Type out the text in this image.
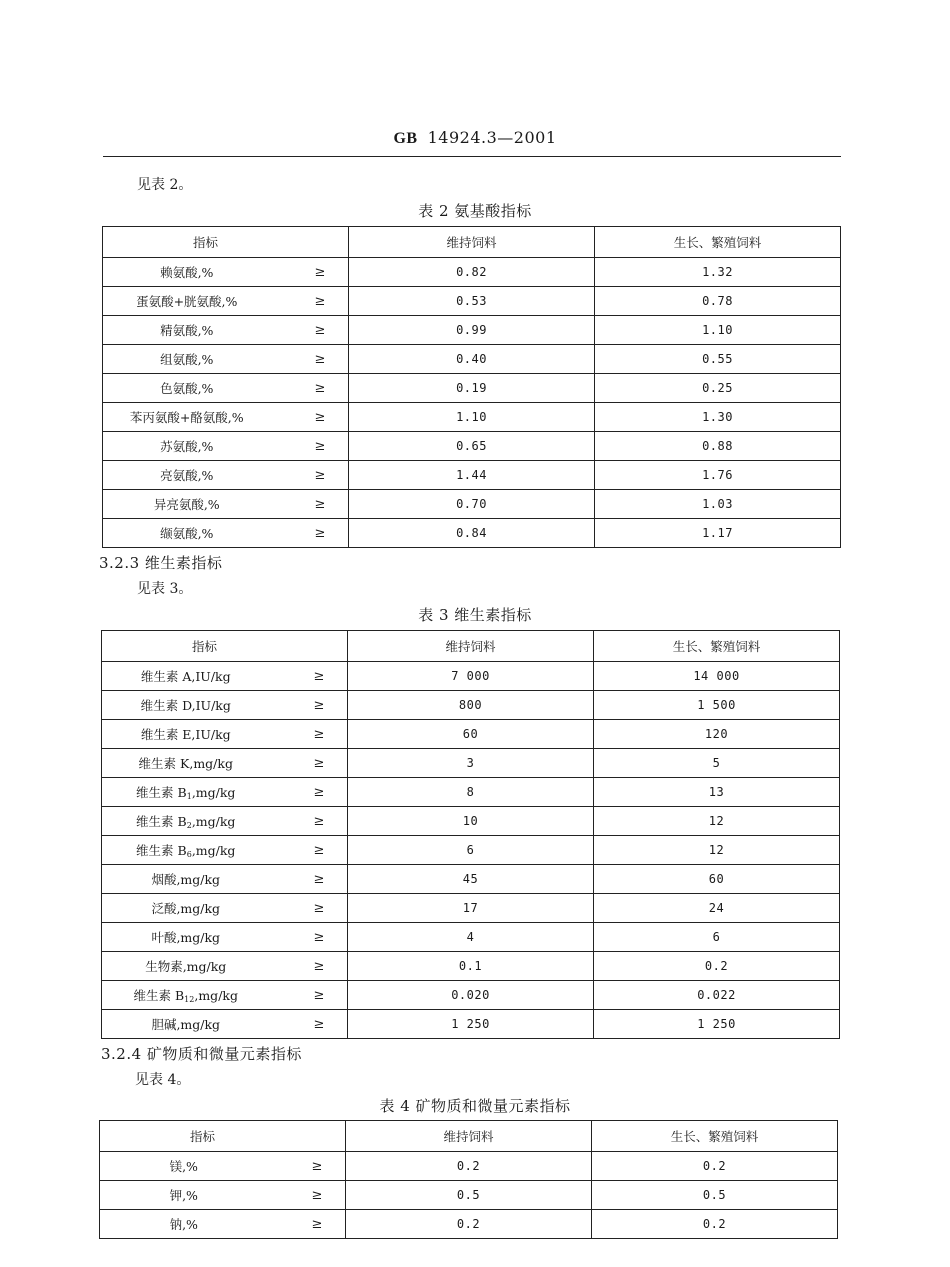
GB 14924.3—2001
见表 2。
表 2 氨基酸指标
指标		维持饲料	生长、繁殖饲料
赖氨酸,%	≥	0.82	1.32
蛋氨酸+胱氨酸,%	≥	0.53	0.78
精氨酸,%	≥	0.99	1.10
组氨酸,%	≥	0.40	0.55
色氨酸,%	≥	0.19	0.25
苯丙氨酸+酪氨酸,%	≥	1.10	1.30
苏氨酸,%	≥	0.65	0.88
亮氨酸,%	≥	1.44	1.76
异亮氨酸,%	≥	0.70	1.03
缬氨酸,%	≥	0.84	1.17
3.2.3 维生素指标
见表 3。
表 3 维生素指标
指标		维持饲料	生长、繁殖饲料
维生素 A,IU/kg	≥	7 000	14 000
维生素 D,IU/kg	≥	800	1 500
维生素 E,IU/kg	≥	60	120
维生素 K,mg/kg	≥	3	5
维生素 $B_1,mg/kg$	≥	8	13
维生素 $B_2,mg/kg$	≥	10	12
维生素 $B_6,mg/kg$	≥	6	12
烟酸,mg/kg	≥	45	60
泛酸,mg/kg	≥	17	24
叶酸,mg/kg	≥	4	6
生物素,mg/kg	≥	0.1	0.2
维生素 $B_{12},mg/kg$	≥	0.020	0.022
胆碱,mg/kg	≥	1 250	1 250
3.2.4 矿物质和微量元素指标
见表 4。
表 4 矿物质和微量元素指标
指标		维持饲料	生长、繁殖饲料
镁,%	≥	0.2	0.2
钾,%	≥	0.5	0.5
钠,%	≥	0.2	0.2
